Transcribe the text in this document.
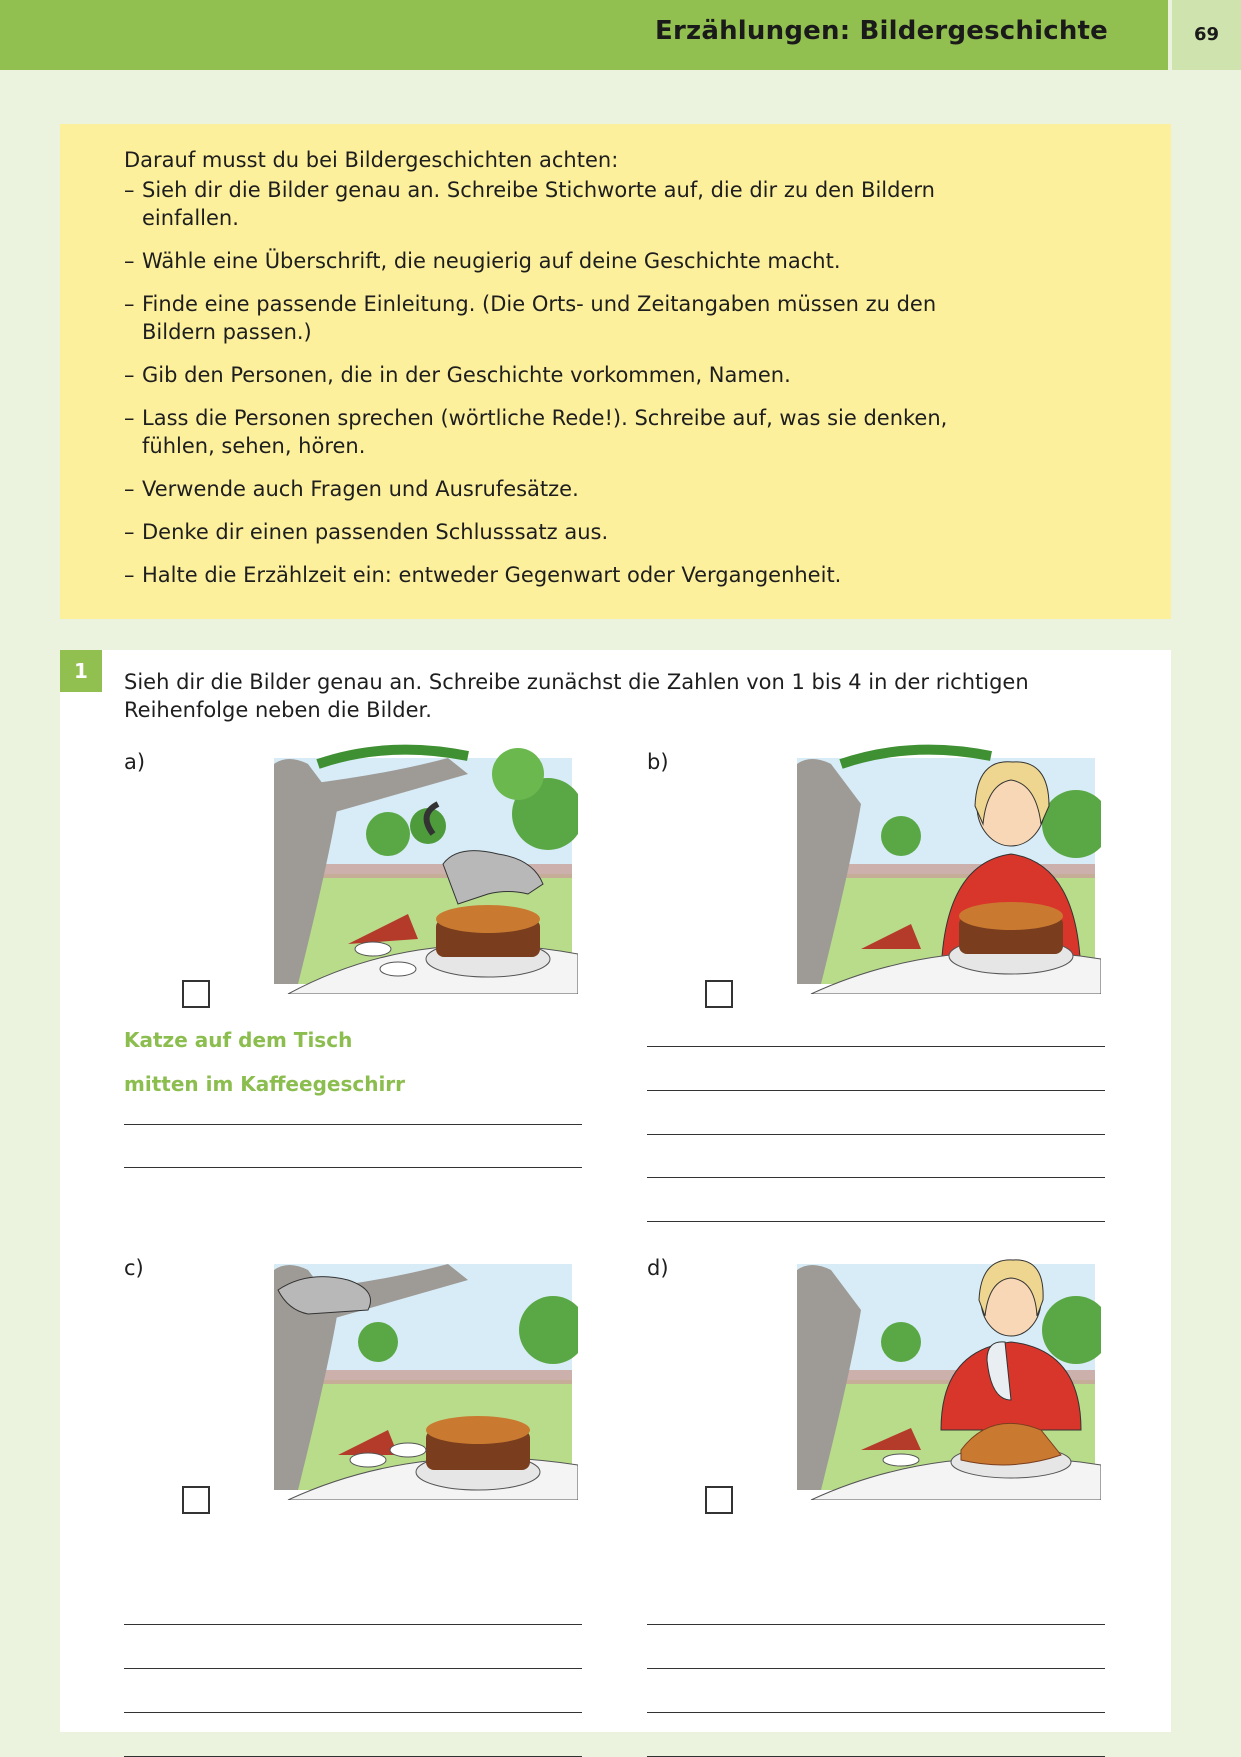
Erzählungen: Bildergeschichte	69

Darauf musst du bei Bildergeschichten achten:

– Sieh dir die Bilder genau an. Schreibe Stichworte auf, die dir zu den Bildern einfallen.
– Wähle eine Überschrift, die neugierig auf deine Geschichte macht.
– Finde eine passende Einleitung. (Die Orts- und Zeitangaben müssen zu den Bildern passen.)
– Gib den Personen, die in der Geschichte vorkommen, Namen.
– Lass die Personen sprechen (wörtliche Rede!). Schreibe auf, was sie denken, fühlen, sehen, hören.
– Verwende auch Fragen und Ausrufesätze.
– Denke dir einen passenden Schlusssatz aus.
– Halte die Erzählzeit ein: entweder Gegenwart oder Vergangenheit.
1	Sieh dir die Bilder genau an. Schreibe zunächst die Zahlen von 1 bis 4 in der richtigen Reihenfolge neben die Bilder.

a)
Katze auf dem Tisch
mitten im Kaffeegeschirr
b)
c)	d)
